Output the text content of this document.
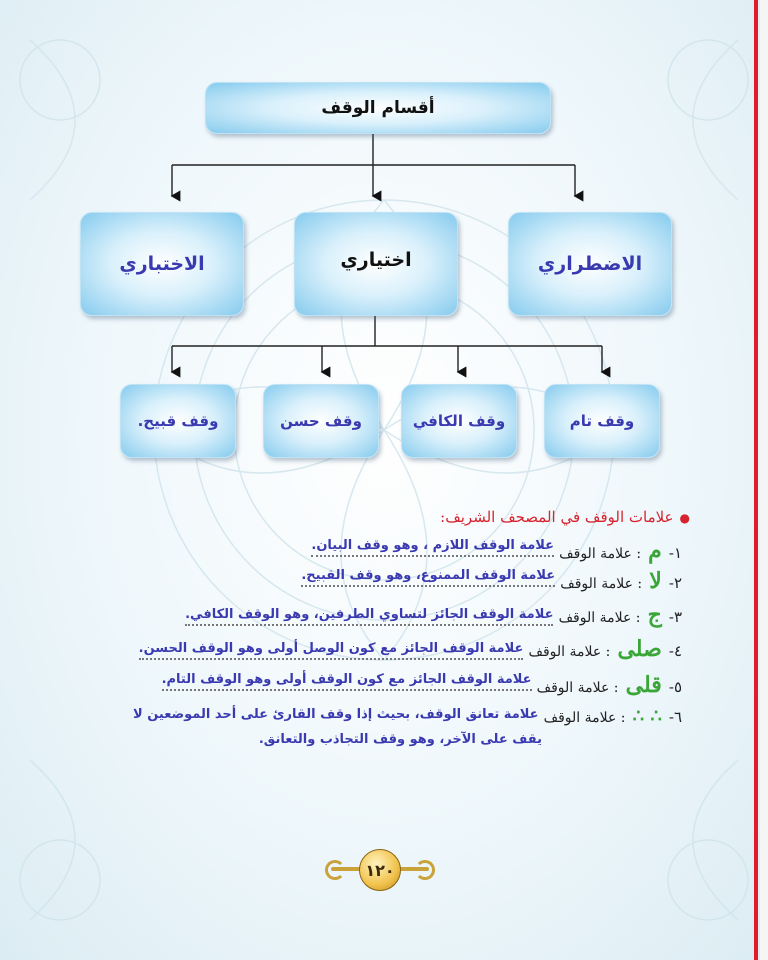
أقسام الوقف
الاضطراري
اختياري
الاختباري
وقف تام
وقف الكافي
وقف حسن
وقف قبيح.
●علامات الوقف في المصحف الشريف:
١- م : علامة الوقف علامة الوقف اللازم ، وهو وقف البيان.
٢- لا : علامة الوقف علامة الوقف الممنوع، وهو وقف القبيح.
٣- ج : علامة الوقف علامة الوقف الجائز لتساوي الطرفين، وهو الوقف الكافي.
٤- صلى : علامة الوقف علامة الوقف الجائز مع كون الوصل أولى وهو الوقف الحسن.
٥- قلى : علامة الوقف علامة الوقف الجائز مع كون الوقف أولى وهو الوقف التام.
٦- ∴ ∴ : علامة الوقف علامة تعانق الوقف، بحيث إذا وقف القارئ على أحد الموضعين لا
يقف على الآخر، وهو وقف التجاذب والتعانق.
١٢٠
